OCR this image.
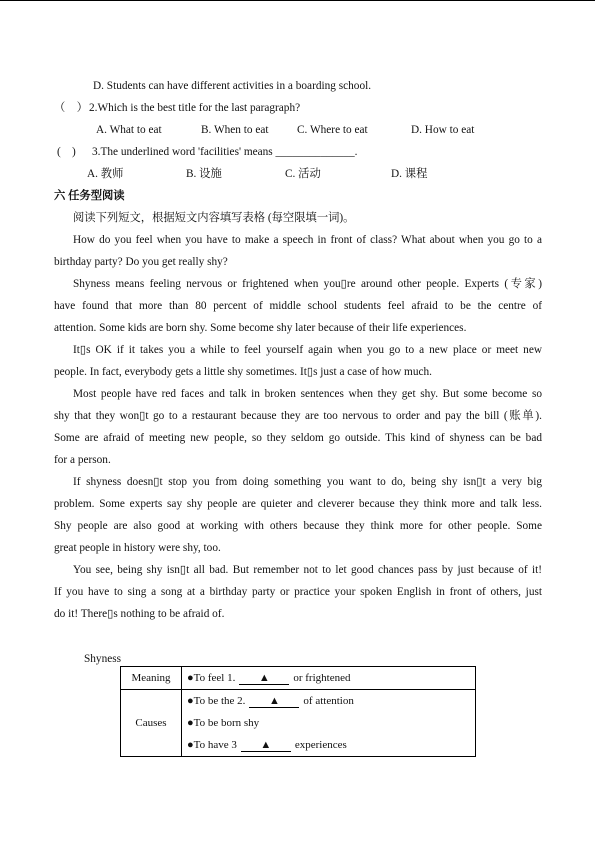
D. Students can have different activities in a boarding school.
（　） 2.Which is the best title for the last paragraph?
A. What to eat	B. When to eat	C. Where to eat	D. How to eat
(　) 3.The underlined word 'facilities' means ______________.
A. 教师	B. 设施	C. 活动	D. 课程
六 任务型阅读
阅读下列短文，根据短文内容填写表格 (每空限填一词)。
How do you feel when you have to make a speech in front of class? What about when you go to a
birthday party? Do you get really shy?
Shyness means feeling nervous or frightened when you▯re around other people. Experts (专家)
have found that more than 80 percent of middle school students feel afraid to be the centre of
attention. Some kids are born shy. Some become shy later because of their life experiences.
It▯s OK if it takes you a while to feel yourself again when you go to a new place or meet new
people. In fact, everybody gets a little shy sometimes. It▯s just a case of how much.
Most people have red faces and talk in broken sentences when they get shy. But some become so
shy that they won▯t go to a restaurant because they are too nervous to order and pay the bill (账单).
Some are afraid of meeting new people, so they seldom go outside. This kind of shyness can be bad
for a person.
If shyness doesn▯t stop you from doing something you want to do, being shy isn▯t a very big
problem. Some experts say shy people are quieter and cleverer because they think more and talk less.
Shy people are also good at working with others because they think more for other people. Some
great people in history were shy, too.
You see, being shy isn▯t all bad. But remember not to let good chances pass by just because of it!
If you have to sing a song at a birthday party or practice your spoken English in front of others, just
do it! There▯s nothing to be afraid of.
Shyness
Meaning	●To feel 1. ▲ or frightened

Causes	●To be the 2. ▲ of attention
●To be born shy
●To have 3 ▲ experiences
